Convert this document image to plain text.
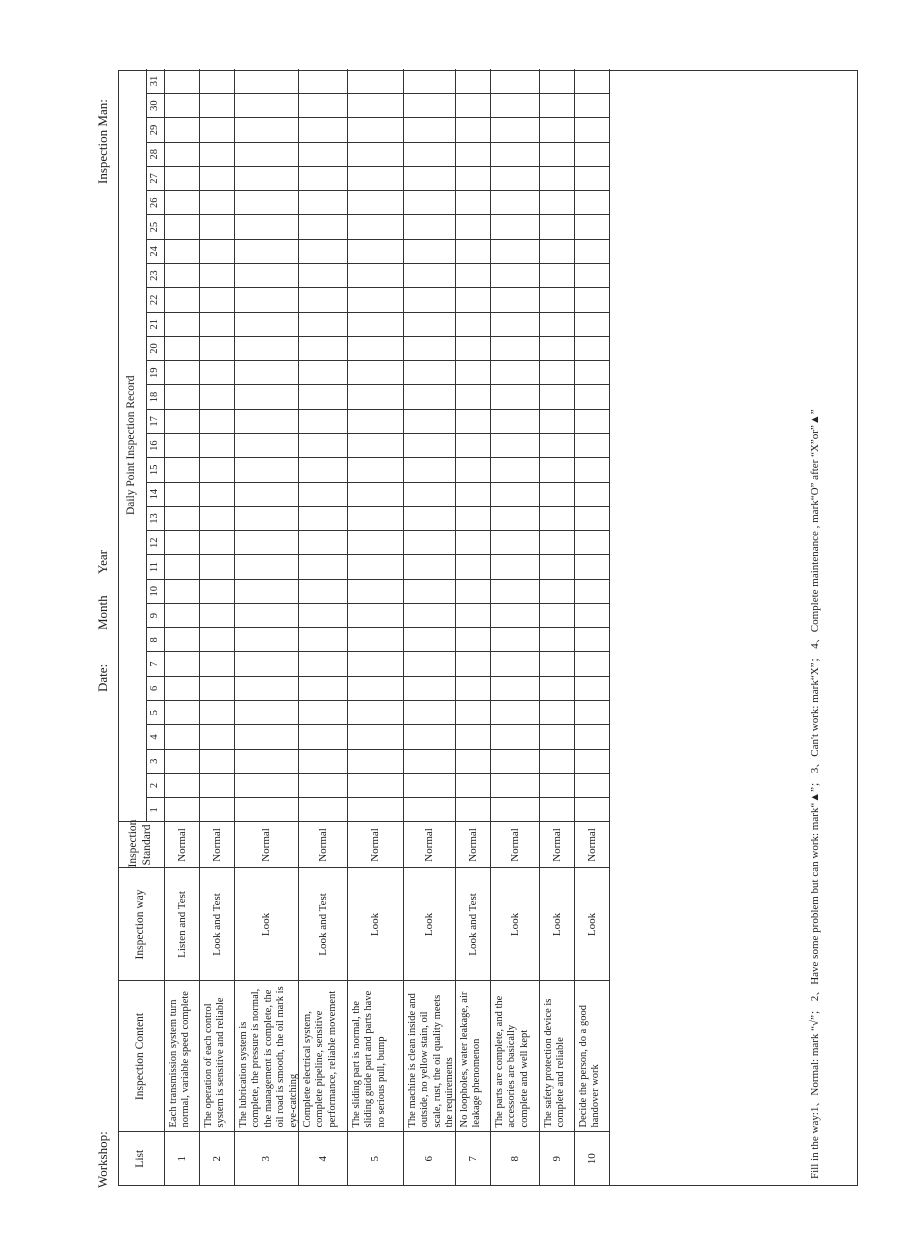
Workshop:
Date:
Month
Year
Inspection Man:
List	Inspection Content	Inspection way	Inspection Standard	Daily Point Inspection Record																														
				1	2	3	4	5	6	7	8	9	10	11	12	13	14	15	16	17	18	19	20	21	22	23	24	25	26	27	28	29	30	31
1	Each transmission system turn normal, variable speed complete	Listen and Test	Normal																															
2	The operation of each control system is sensitive and reliable	Look and Test	Normal																															
3	The lubrication system is complete, the pressure is normal, the management is complete, the oil road is smooth, the oil mark is eye-catching	Look	Normal																															
4	Complete electrical system, complete pipeline, sensitive performance, reliable movement	Look and Test	Normal																															
5	The sliding part is normal, the sliding guide part and parts have no serious pull, bump	Look	Normal																															
6	The machine is clean inside and outside, no yellow stain, oil scale, rust, the oil quality meets the requirements	Look	Normal																															
7	No loopholes, water leakage, air leakage phenomenon	Look and Test	Normal																															
8	The parts are complete, and the accessories are basically complete and well kept	Look	Normal																															
9	The safety protection device is complete and reliable	Look	Normal																															
10	Decide the person, do a good handover work	Look	Normal																																Fill in the way:1、Normal: mark “√”； 2、Have some problem but can work: mark“▲”； 3、Can't work: mark“X”； 4、Complete maintenance , mark“O” after “X”or”▲”
